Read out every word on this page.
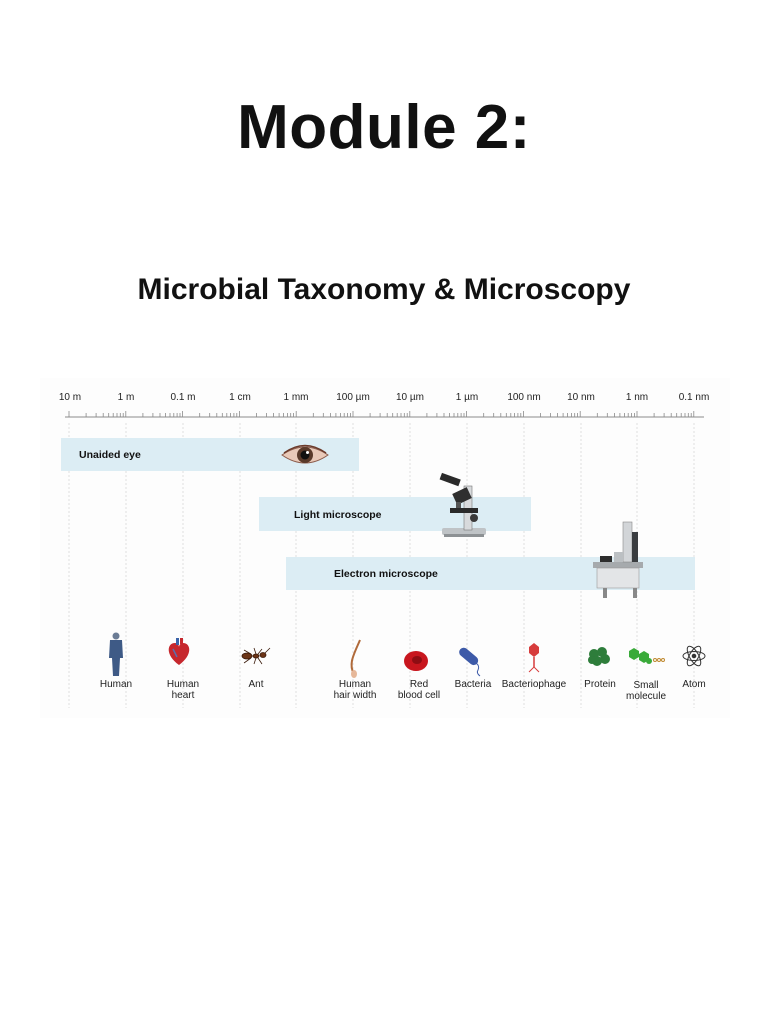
Module 2:
Microbial Taxonomy & Microscopy
10 m	1 m	0.1 m	1 cm	1 mm	100 µm	10 µm	1 µm	100 nm	10 nm	1 nm	0.1 nm
Unaided eye
Light microscope
Electron microscope
Human	Human
heart
Ant	Human
hair width
Red
blood cell
Bacteria Bacteriophage Protein Small
molecule
Atom
